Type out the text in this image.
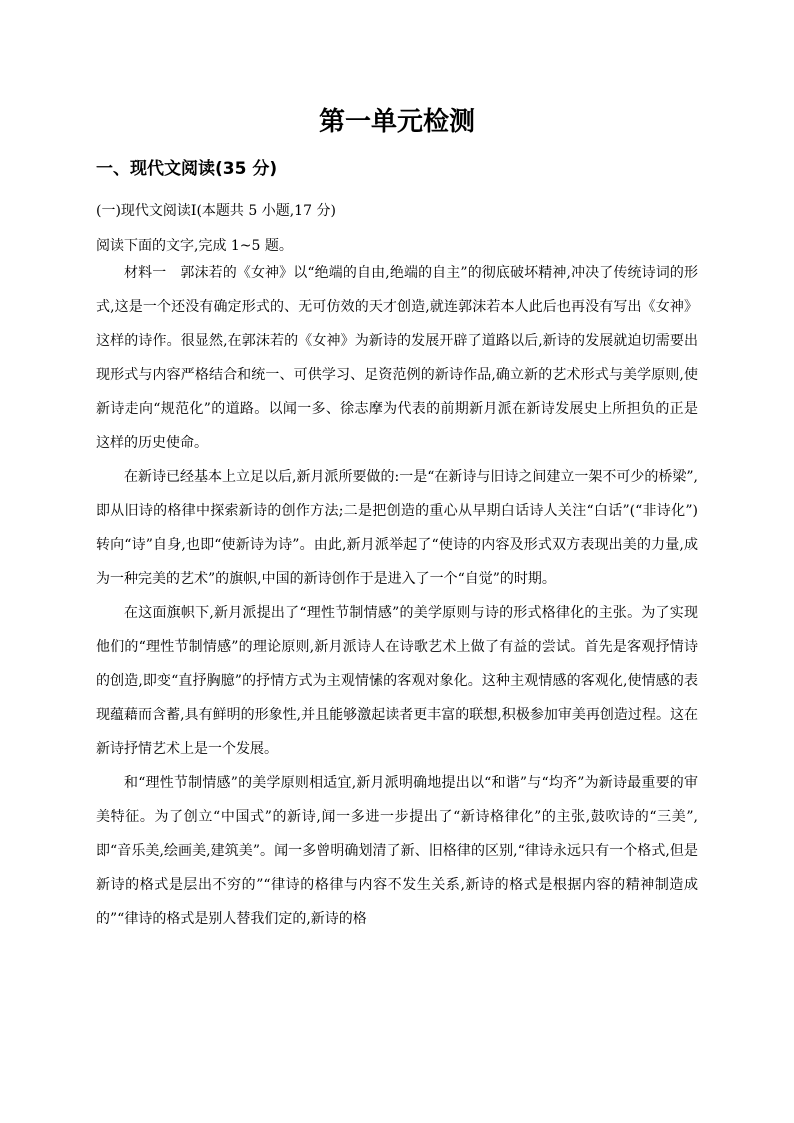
第一单元检测
一、现代文阅读(35 分)

(一)现代文阅读Ⅰ(本题共 5 小题,17 分)

阅读下面的文字,完成 1~5 题。

材料一 郭沫若的《女神》以“绝端的自由,绝端的自主”的彻底破坏精神,冲决了传统诗词的形式,这是一个还没有确定形式的、无可仿效的天才创造,就连郭沫若本人此后也再没有写出《女神》这样的诗作。很显然,在郭沫若的《女神》为新诗的发展开辟了道路以后,新诗的发展就迫切需要出现形式与内容严格结合和统一、可供学习、足资范例的新诗作品,确立新的艺术形式与美学原则,使新诗走向“规范化”的道路。以闻一多、徐志摩为代表的前期新月派在新诗发展史上所担负的正是这样的历史使命。

在新诗已经基本上立足以后,新月派所要做的:一是“在新诗与旧诗之间建立一架不可少的桥梁”,即从旧诗的格律中探索新诗的创作方法;二是把创造的重心从早期白话诗人关注“白话”(“非诗化”)转向“诗”自身,也即“使新诗为诗”。由此,新月派举起了“使诗的内容及形式双方表现出美的力量,成为一种完美的艺术”的旗帜,中国的新诗创作于是进入了一个“自觉”的时期。

在这面旗帜下,新月派提出了“理性节制情感”的美学原则与诗的形式格律化的主张。为了实现他们的“理性节制情感”的理论原则,新月派诗人在诗歌艺术上做了有益的尝试。首先是客观抒情诗的创造,即变“直抒胸臆”的抒情方式为主观情愫的客观对象化。这种主观情感的客观化,使情感的表现蕴藉而含蓄,具有鲜明的形象性,并且能够激起读者更丰富的联想,积极参加审美再创造过程。这在新诗抒情艺术上是一个发展。

和“理性节制情感”的美学原则相适宜,新月派明确地提出以“和谐”与“均齐”为新诗最重要的审美特征。为了创立“中国式”的新诗,闻一多进一步提出了“新诗格律化”的主张,鼓吹诗的“三美”,即“音乐美,绘画美,建筑美”。闻一多曾明确划清了新、旧格律的区别,“律诗永远只有一个格式,但是新诗的格式是层出不穷的”“律诗的格律与内容不发生关系,新诗的格式是根据内容的精神制造成的”“律诗的格式是别人替我们定的,新诗的格
